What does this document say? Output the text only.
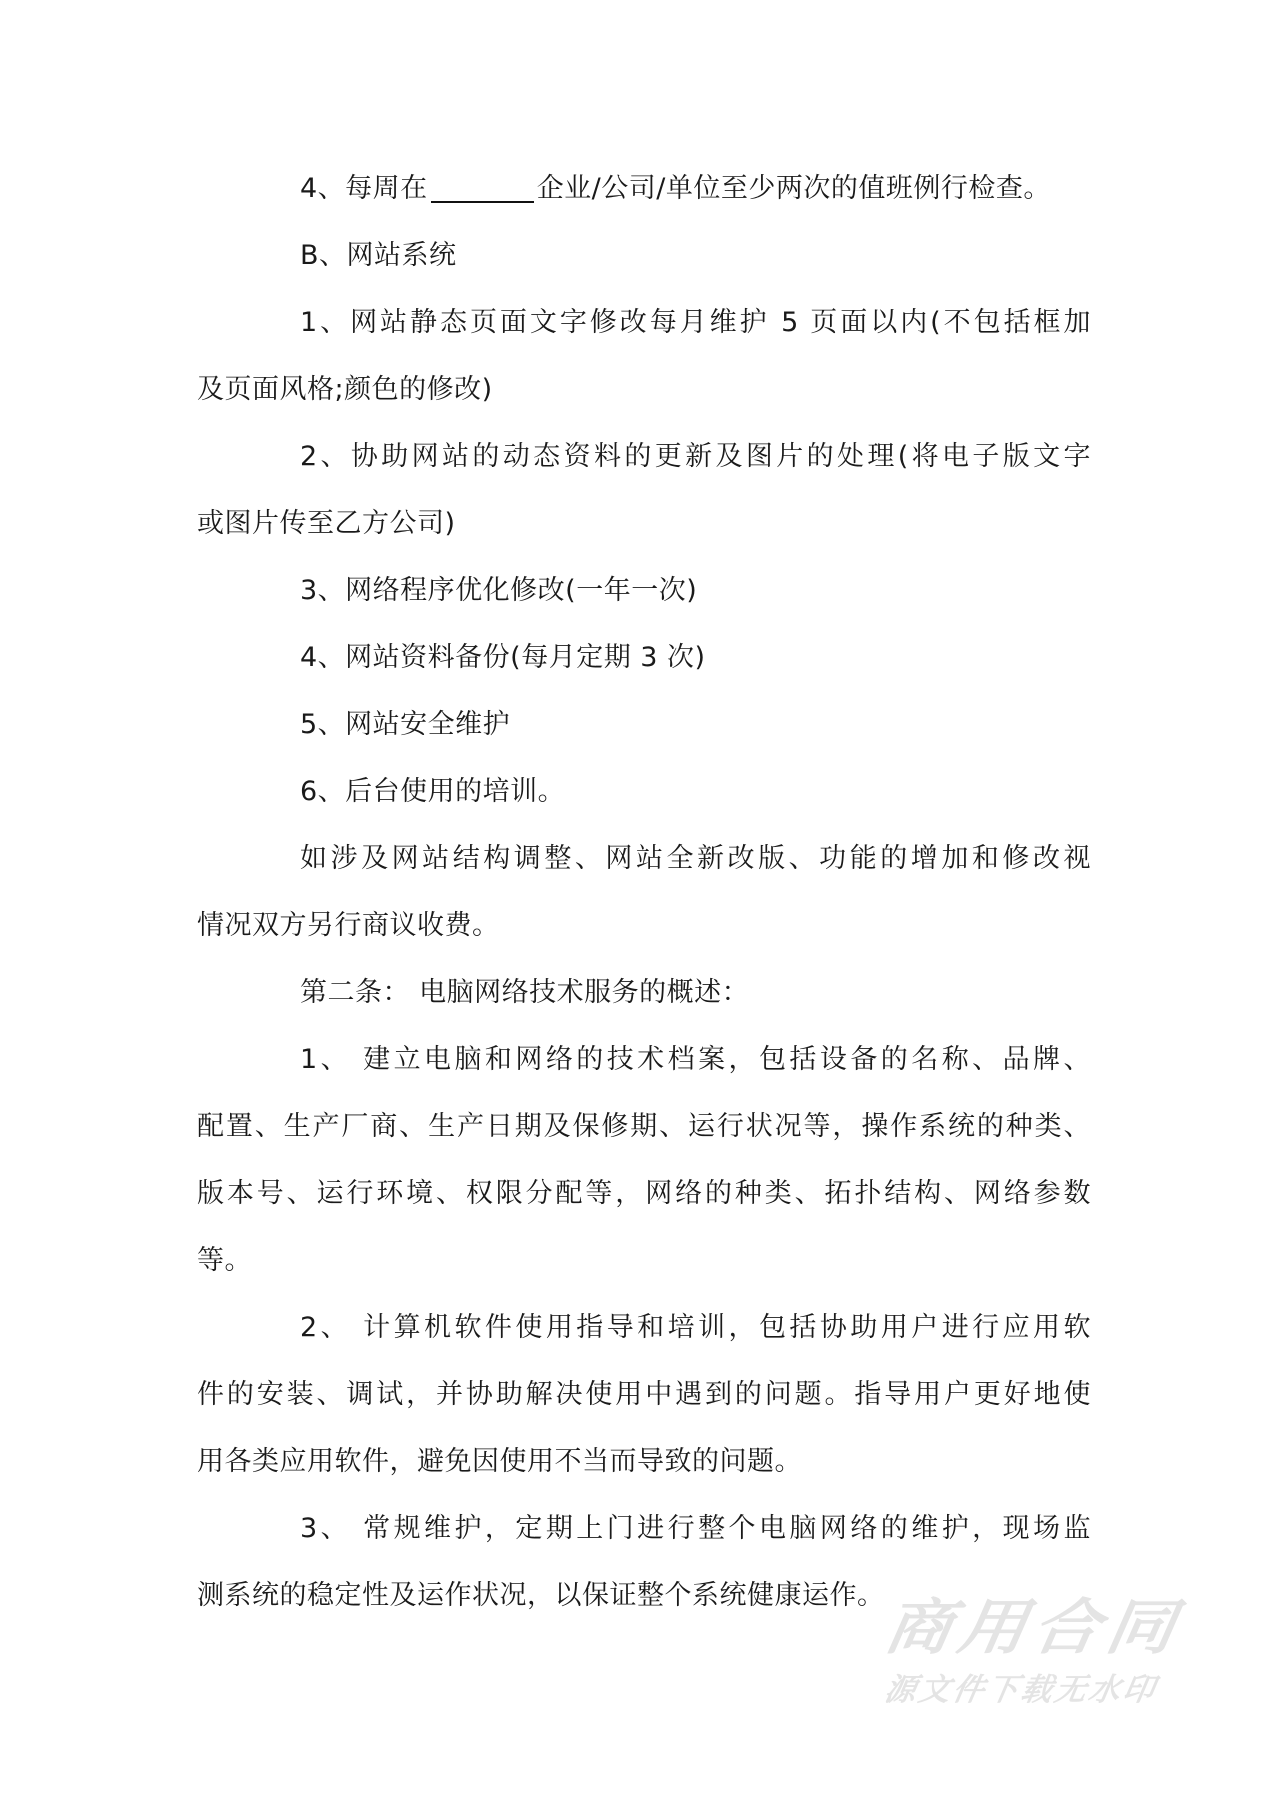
4、每周在	企业/公司/单位至少两次的值班例行检查。
B、网站系统
1、网站静态页面文字修改每月维护 5 页面以内(不包括框加
及页面风格;颜色的修改)
2、协助网站的动态资料的更新及图片的处理(将电子版文字
或图片传至乙方公司)
3、网络程序优化修改(一年一次)
4、网站资料备份(每月定期 3 次)
5、网站安全维护
6、后台使用的培训。
如涉及网站结构调整、网站全新改版、功能的增加和修改视
情况双方另行商议收费。
第二条： 电脑网络技术服务的概述：
1、 建立电脑和网络的技术档案，包括设备的名称、品牌、
配置、生产厂商、生产日期及保修期、运行状况等，操作系统的种类、
版本号、运行环境、权限分配等，网络的种类、拓扑结构、网络参数
等。
2、 计算机软件使用指导和培训，包括协助用户进行应用软
件的安装、调试，并协助解决使用中遇到的问题。指导用户更好地使
用各类应用软件，避免因使用不当而导致的问题。
3、 常规维护，定期上门进行整个电脑网络的维护，现场监
测系统的稳定性及运作状况，以保证整个系统健康运作。
商用合同
源文件下载无水印
